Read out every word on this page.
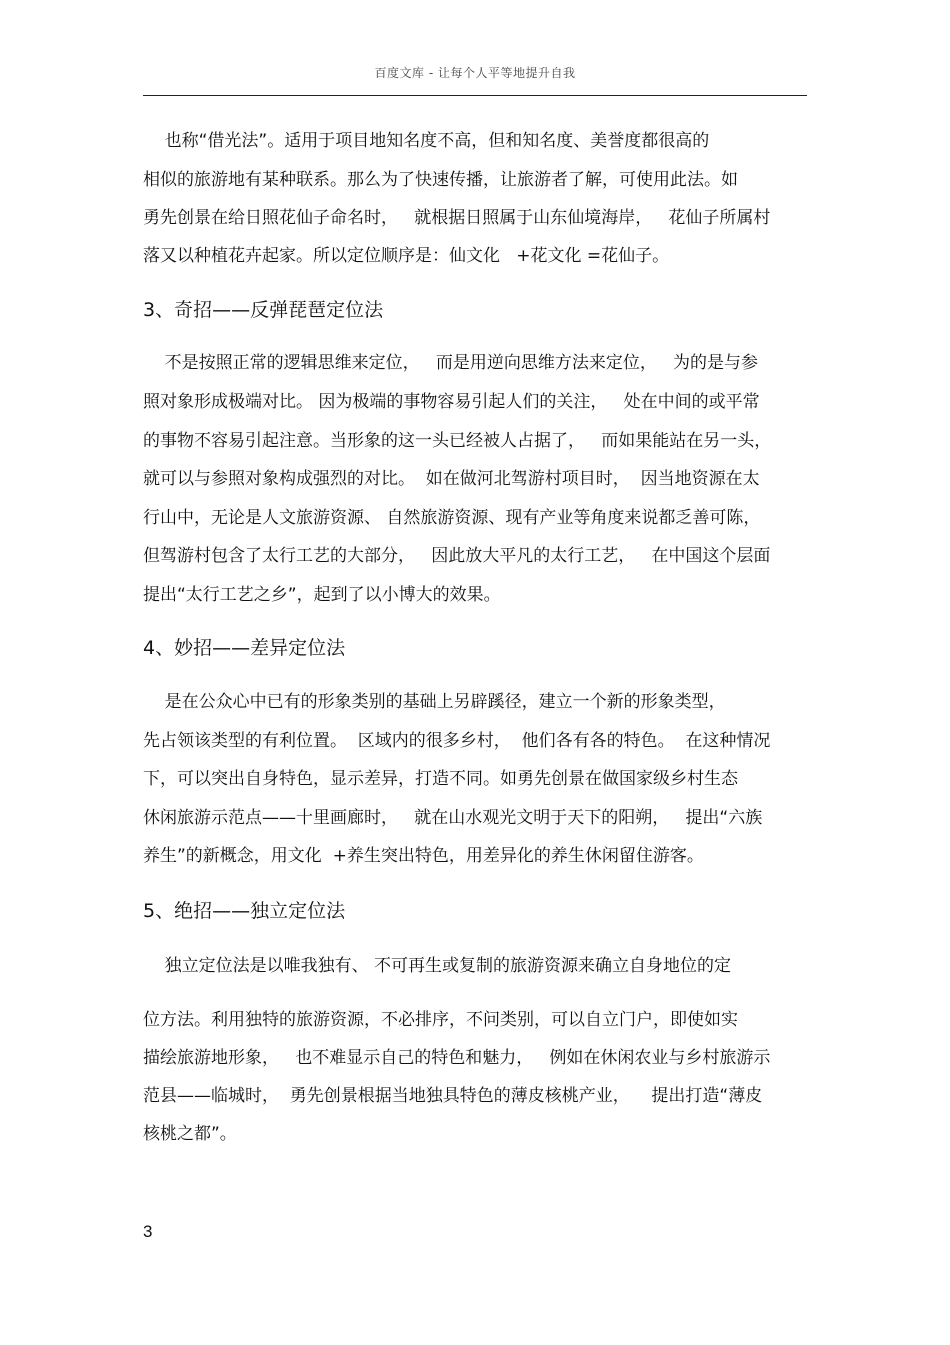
百度文库 - 让每个人平等地提升自我
也称“借光法”。适用于项目地知名度不高，但和知名度、美誉度都很高的
相似的旅游地有某种联系。那么为了快速传播，让旅游者了解，可使用此法。如
勇先创景在给日照花仙子命名时，   就根据日照属于山东仙境海岸，   花仙子所属村
落又以种植花卉起家。所以定位顺序是：仙文化   +花文化 =花仙子。
3、奇招——反弹琵琶定位法
不是按照正常的逻辑思维来定位，   而是用逆向思维方法来定位，   为的是与参
照对象形成极端对比。 因为极端的事物容易引起人们的关注，   处在中间的或平常
的事物不容易引起注意。当形象的这一头已经被人占据了，   而如果能站在另一头，
就可以与参照对象构成强烈的对比。  如在做河北驾游村项目时，  因当地资源在太
行山中，无论是人文旅游资源、 自然旅游资源、现有产业等角度来说都乏善可陈，
但驾游村包含了太行工艺的大部分，   因此放大平凡的太行工艺，   在中国这个层面
提出“太行工艺之乡”，起到了以小博大的效果。
4、妙招——差异定位法
是在公众心中已有的形象类别的基础上另辟蹊径，建立一个新的形象类型，
先占领该类型的有利位置。  区域内的很多乡村，  他们各有各的特色。  在这种情况
下，可以突出自身特色，显示差异，打造不同。如勇先创景在做国家级乡村生态
休闲旅游示范点——十里画廊时，   就在山水观光文明于天下的阳朔，   提出“六族
养生”的新概念，用文化  +养生突出特色，用差异化的养生休闲留住游客。
5、绝招——独立定位法
独立定位法是以唯我独有、 不可再生或复制的旅游资源来确立自身地位的定
位方法。利用独特的旅游资源，不必排序，不问类别，可以自立门户，即使如实
描绘旅游地形象，   也不难显示自己的特色和魅力，   例如在休闲农业与乡村旅游示
范县——临城时，  勇先创景根据当地独具特色的薄皮核桃产业，    提出打造“薄皮
核桃之都”。
3
